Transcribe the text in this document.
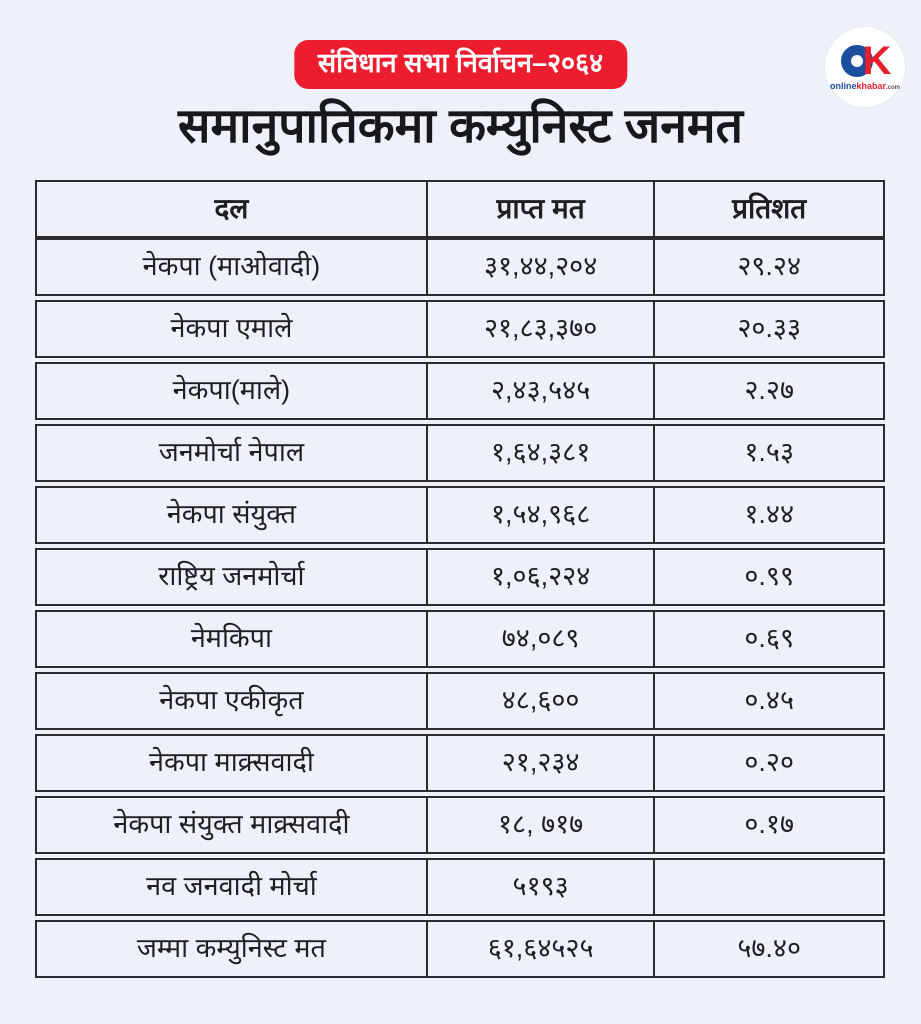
संविधान सभा निर्वाचन–२०६४	K
onlinekhabar.com
समानुपातिकमा कम्युनिस्ट जनमत
दल	प्राप्त मत	प्रतिशत
नेकपा (माओवादी)	३१,४४,२०४	२९.२४
नेकपा एमाले	२१,८३,३७०	२०.३३
नेकपा(माले)	२,४३,५४५	२.२७
जनमोर्चा नेपाल	१,६४,३८१	१.५३
नेकपा संयुक्त	१,५४,९६८	१.४४
राष्ट्रिय जनमोर्चा	१,०६,२२४	०.९९
नेमकिपा	७४,०८९	०.६९
नेकपा एकीकृत	४८,६००	०.४५
नेकपा माक्र्सवादी	२१,२३४	०.२०
नेकपा संयुक्त माक्र्सवादी	१८, ७१७	०.१७
नव जनवादी मोर्चा	५१९३
जम्मा कम्युनिस्ट मत	६१,६४५२५	५७.४०
